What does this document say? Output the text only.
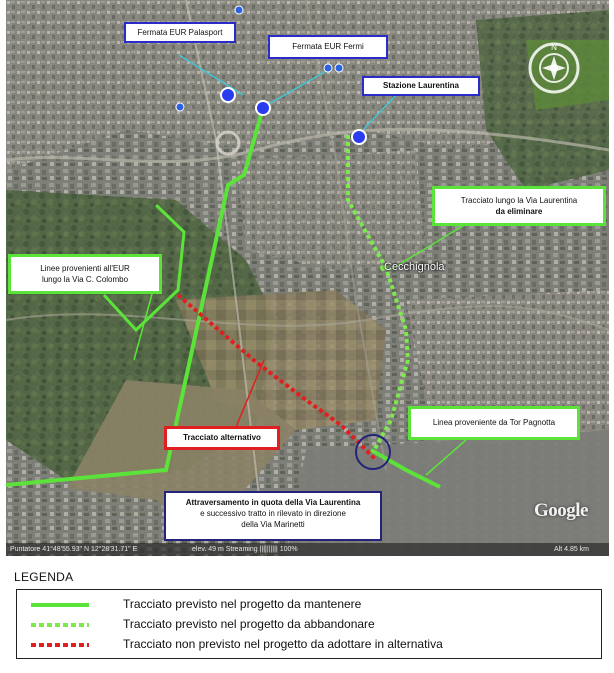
N
Fermata EUR Palasport
Fermata EUR Fermi
Stazione Laurentina
Tracciato lungo la Via Laurentina
da eliminare
Linee provenienti all'EUR
lungo la Via C. Colombo
Tracciato alternativo
Linea proveniente da Tor Pagnotta
Attraversamento in quota della Via Laurentina
e successivo tratto in rilevato in direzione
della Via Marinetti
Cecchignola
Google
Puntatore 41°48'55.93" N 12°28'31.71" E	elev. 49 m Streaming |||||||||| 100%	Alt 4.85 km
LEGENDA
Tracciato previsto nel progetto da mantenere
Tracciato previsto nel progetto da abbandonare
Tracciato non previsto nel progetto da adottare in alternativa
